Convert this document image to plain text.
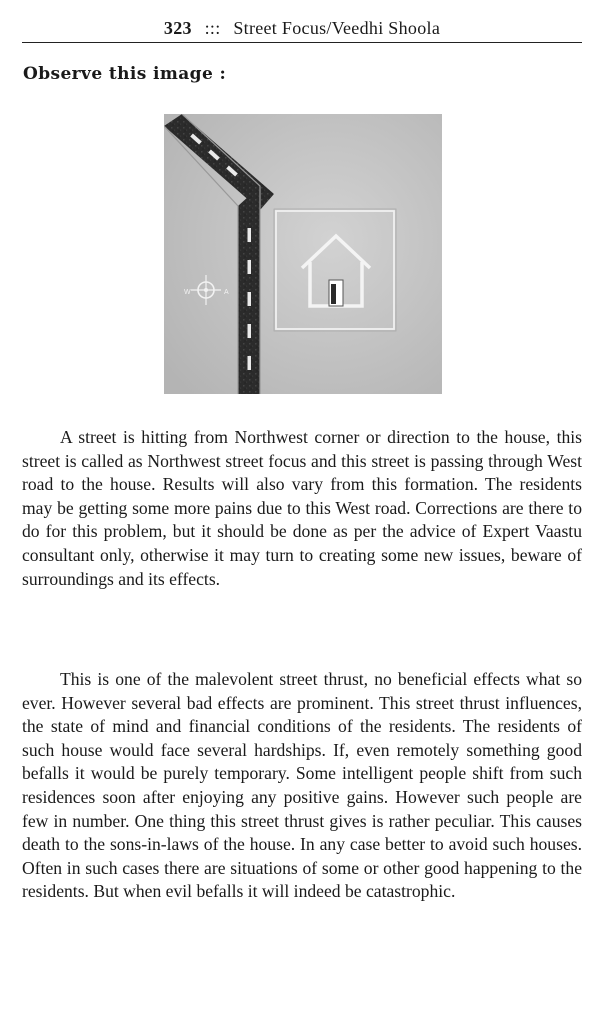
323 ::: Street Focus/Veedhi Shoola
Observe this image :
W	A

A street is hitting from Northwest corner or direction to the house, this street is called as Northwest street focus and this street is passing through West road to the house. Results will also vary from this formation. The residents may be getting some more pains due to this West road. Corrections are there to do for this problem, but it should be done as per the advice of Expert Vaastu consultant only, otherwise it may turn to creating some new issues, beware of surroundings and its effects.

This is one of the malevolent street thrust, no beneficial effects what so ever. However several bad effects are prominent. This street thrust influences, the state of mind and financial conditions of the residents. The residents of such house would face several hardships. If, even remotely something good befalls it would be purely temporary. Some intelligent people shift from such residences soon after enjoying any positive gains. However such people are few in number. One thing this street thrust gives is rather peculiar. This causes death to the sons-in-laws of the house. In any case better to avoid such houses. Often in such cases there are situations of some or other good happening to the residents. But when evil befalls it will indeed be catastrophic.
